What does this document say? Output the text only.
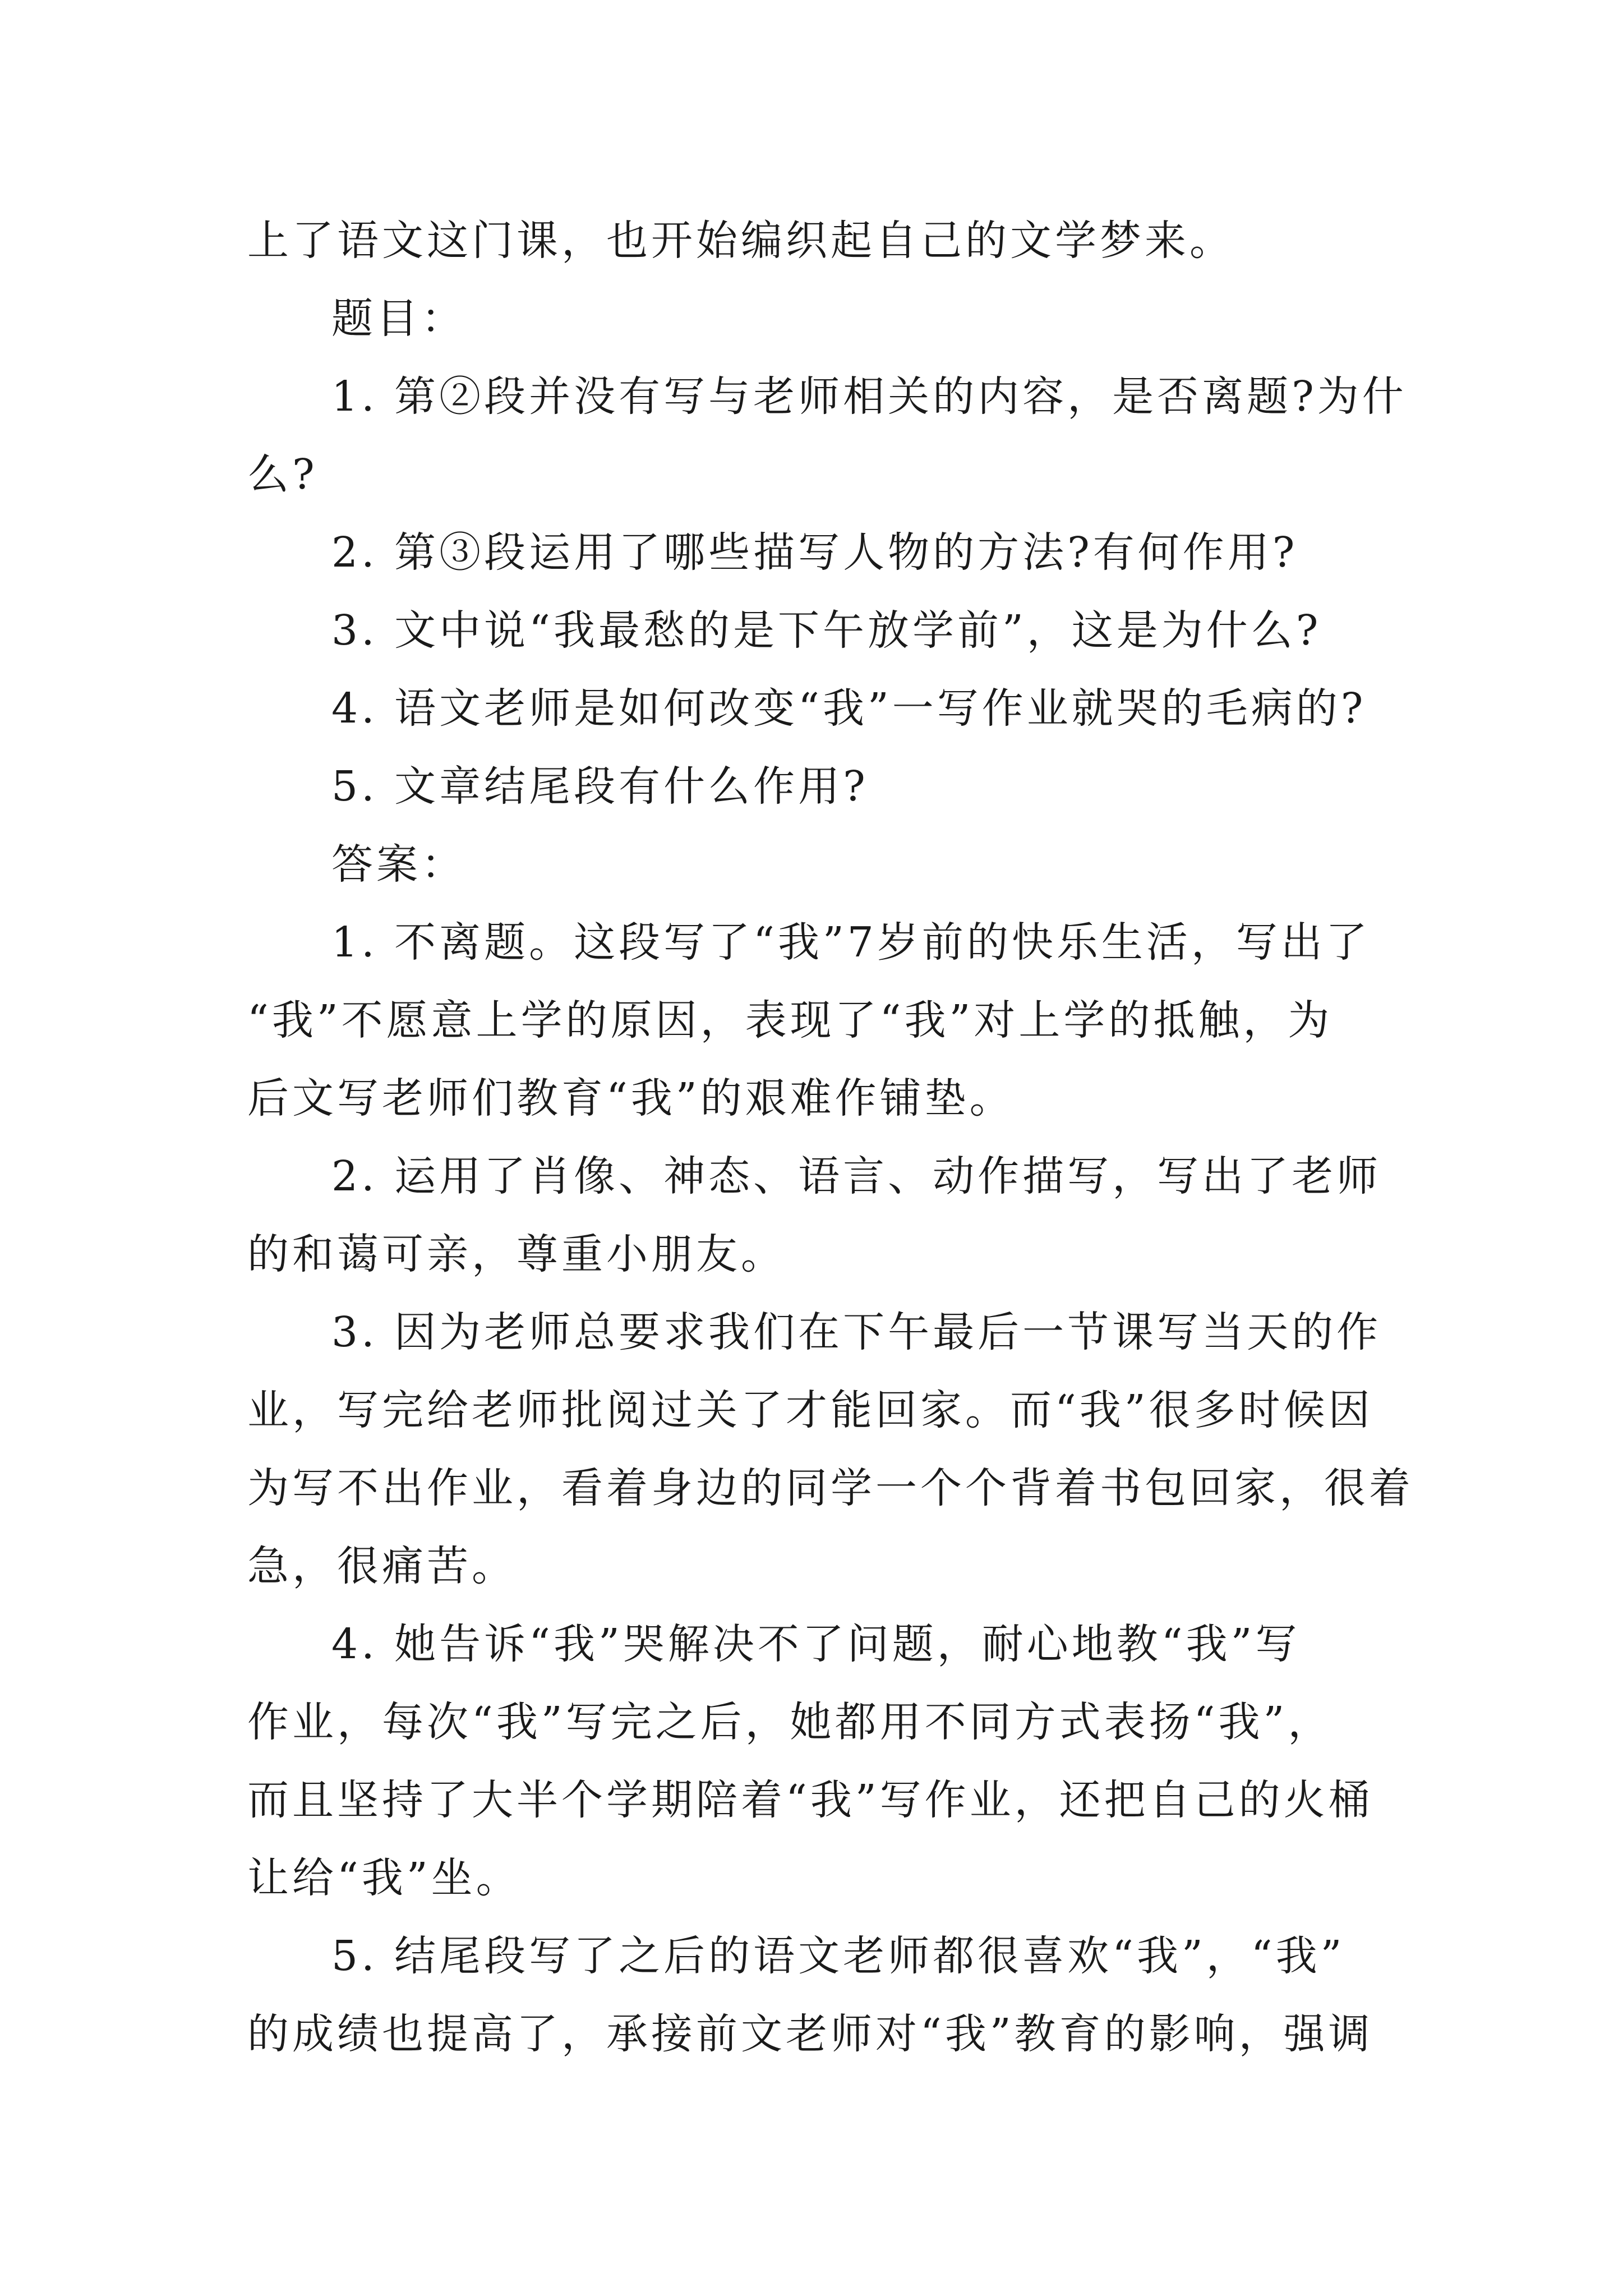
上了语文这门课，也开始编织起自己的文学梦来。
题目：
1. 第②段并没有写与老师相关的内容，是否离题?为什
么?
2. 第③段运用了哪些描写人物的方法?有何作用?
3. 文中说“我最愁的是下午放学前”，这是为什么?
4. 语文老师是如何改变“我”一写作业就哭的毛病的?
5. 文章结尾段有什么作用?
答案：
1. 不离题。这段写了“我”7岁前的快乐生活，写出了
“我”不愿意上学的原因，表现了“我”对上学的抵触，为
后文写老师们教育“我”的艰难作铺垫。
2. 运用了肖像、神态、语言、动作描写，写出了老师
的和蔼可亲，尊重小朋友。
3. 因为老师总要求我们在下午最后一节课写当天的作
业，写完给老师批阅过关了才能回家。而“我”很多时候因
为写不出作业，看着身边的同学一个个背着书包回家，很着
急，很痛苦。
4. 她告诉“我”哭解决不了问题，耐心地教“我”写
作业，每次“我”写完之后，她都用不同方式表扬“我”，
而且坚持了大半个学期陪着“我”写作业，还把自己的火桶
让给“我”坐。
5. 结尾段写了之后的语文老师都很喜欢“我”，“我”
的成绩也提高了，承接前文老师对“我”教育的影响，强调
